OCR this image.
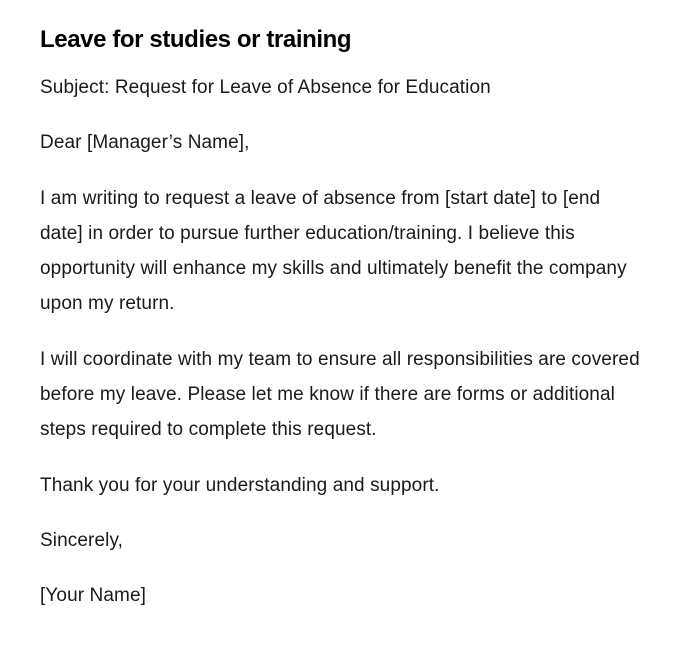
Leave for studies or training

Subject: Request for Leave of Absence for Education

Dear [Manager’s Name],

I am writing to request a leave of absence from [start date] to [end date] in order to pursue further education/training. I believe this opportunity will enhance my skills and ultimately benefit the company upon my return.

I will coordinate with my team to ensure all responsibilities are covered before my leave. Please let me know if there are forms or additional steps required to complete this request.

Thank you for your understanding and support.

Sincerely,

[Your Name]
